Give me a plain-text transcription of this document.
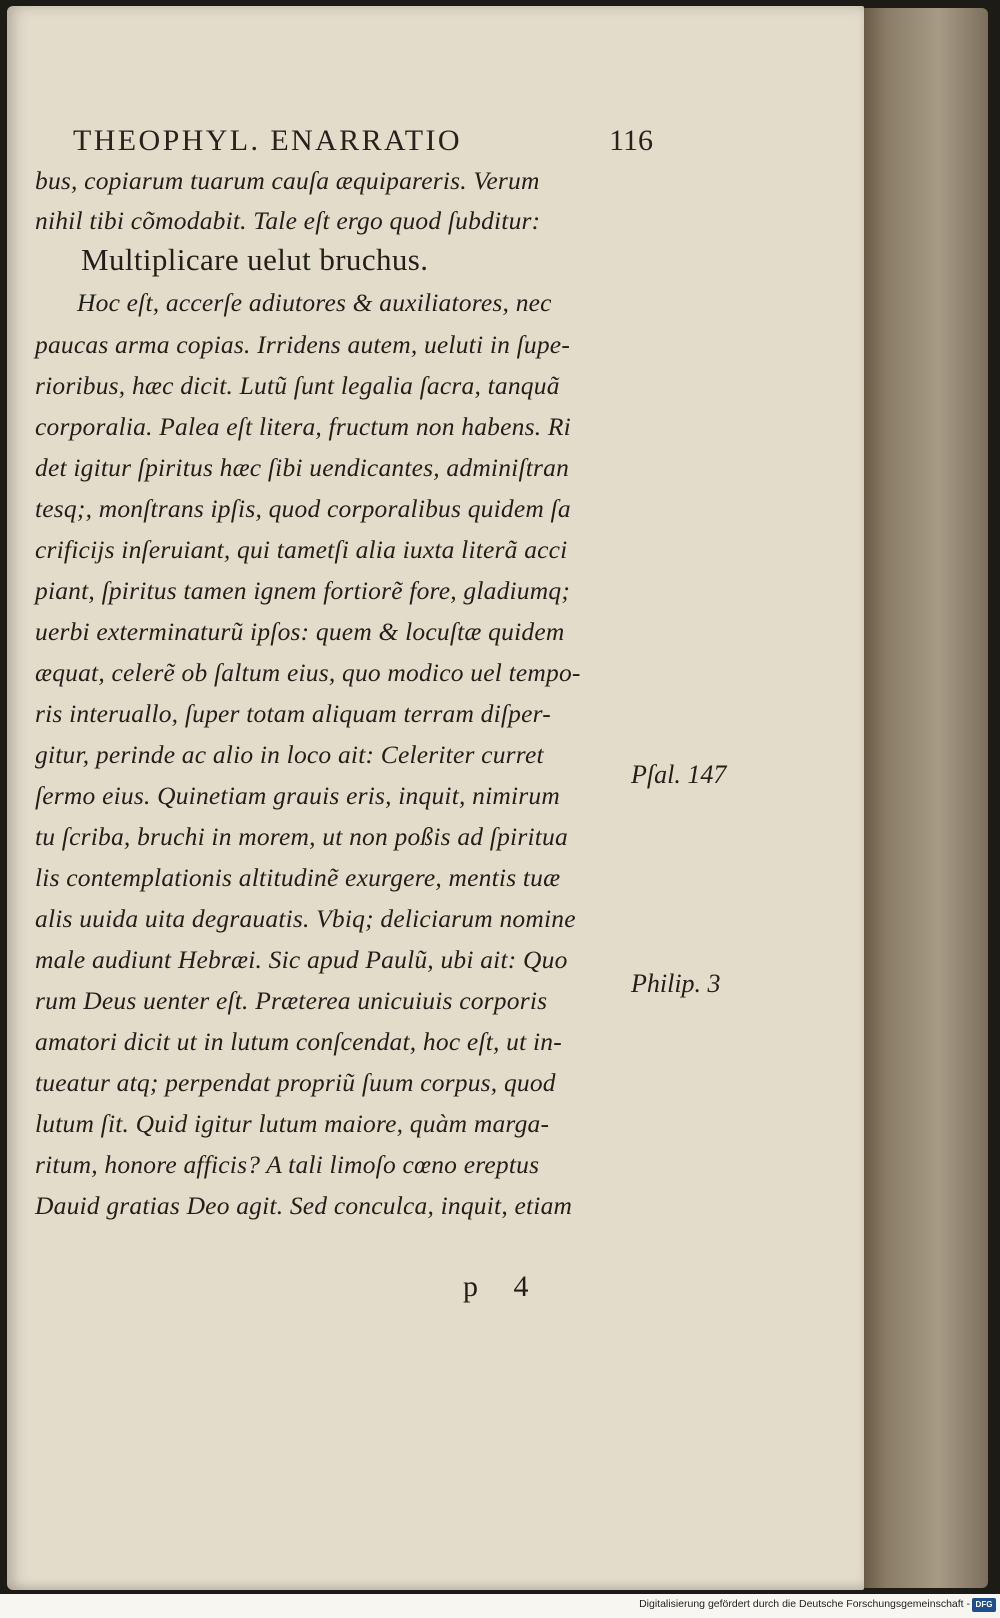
THEOPHYL. ENARRATIO	116
bus, copiarum tuarum cauſa æquipareris. Verum
nihil tibi cõmodabit. Tale eſt ergo quod ſubditur:
Multiplicare uelut bruchus.
Hoc eſt, accerſe adiutores & auxiliatores, nec
paucas arma copias. Irridens autem, ueluti in ſupe-
rioribus, hæc dicit. Lutũ ſunt legalia ſacra, tanquã
corporalia. Palea eſt litera, fructum non habens. Ri
det igitur ſpiritus hæc ſibi uendicantes, adminiſtran
tesq;, monſtrans ipſis, quod corporalibus quidem ſa
crificijs inſeruiant, qui tametſi alia iuxta literã acci
piant, ſpiritus tamen ignem fortiorẽ fore, gladiumq;
uerbi exterminaturũ ipſos: quem & locuſtæ quidem
æquat, celerẽ ob ſaltum eius, quo modico uel tempo-
ris interuallo, ſuper totam aliquam terram diſper-
gitur, perinde ac alio in loco ait: Celeriter curret
ſermo eius. Quinetiam grauis eris, inquit, nimirum
tu ſcriba, bruchi in morem, ut non poßis ad ſpiritua
lis contemplationis altitudinẽ exurgere, mentis tuæ
alis uuida uita degrauatis. Vbiq; deliciarum nomine
male audiunt Hebræi. Sic apud Paulũ, ubi ait: Quo
rum Deus uenter eſt. Præterea unicuiuis corporis
amatori dicit ut in lutum conſcendat, hoc eſt, ut in-
tueatur atq; perpendat propriũ ſuum corpus, quod
lutum ſit. Quid igitur lutum maiore, quàm marga-
ritum, honore afficis? A tali limoſo cœno ereptus
Dauid gratias Deo agit. Sed conculca, inquit, etiam
Pſal. 147
Philip. 3
p 4
Digitalisierung gefördert durch die Deutsche Forschungsgemeinschaft - DFG
